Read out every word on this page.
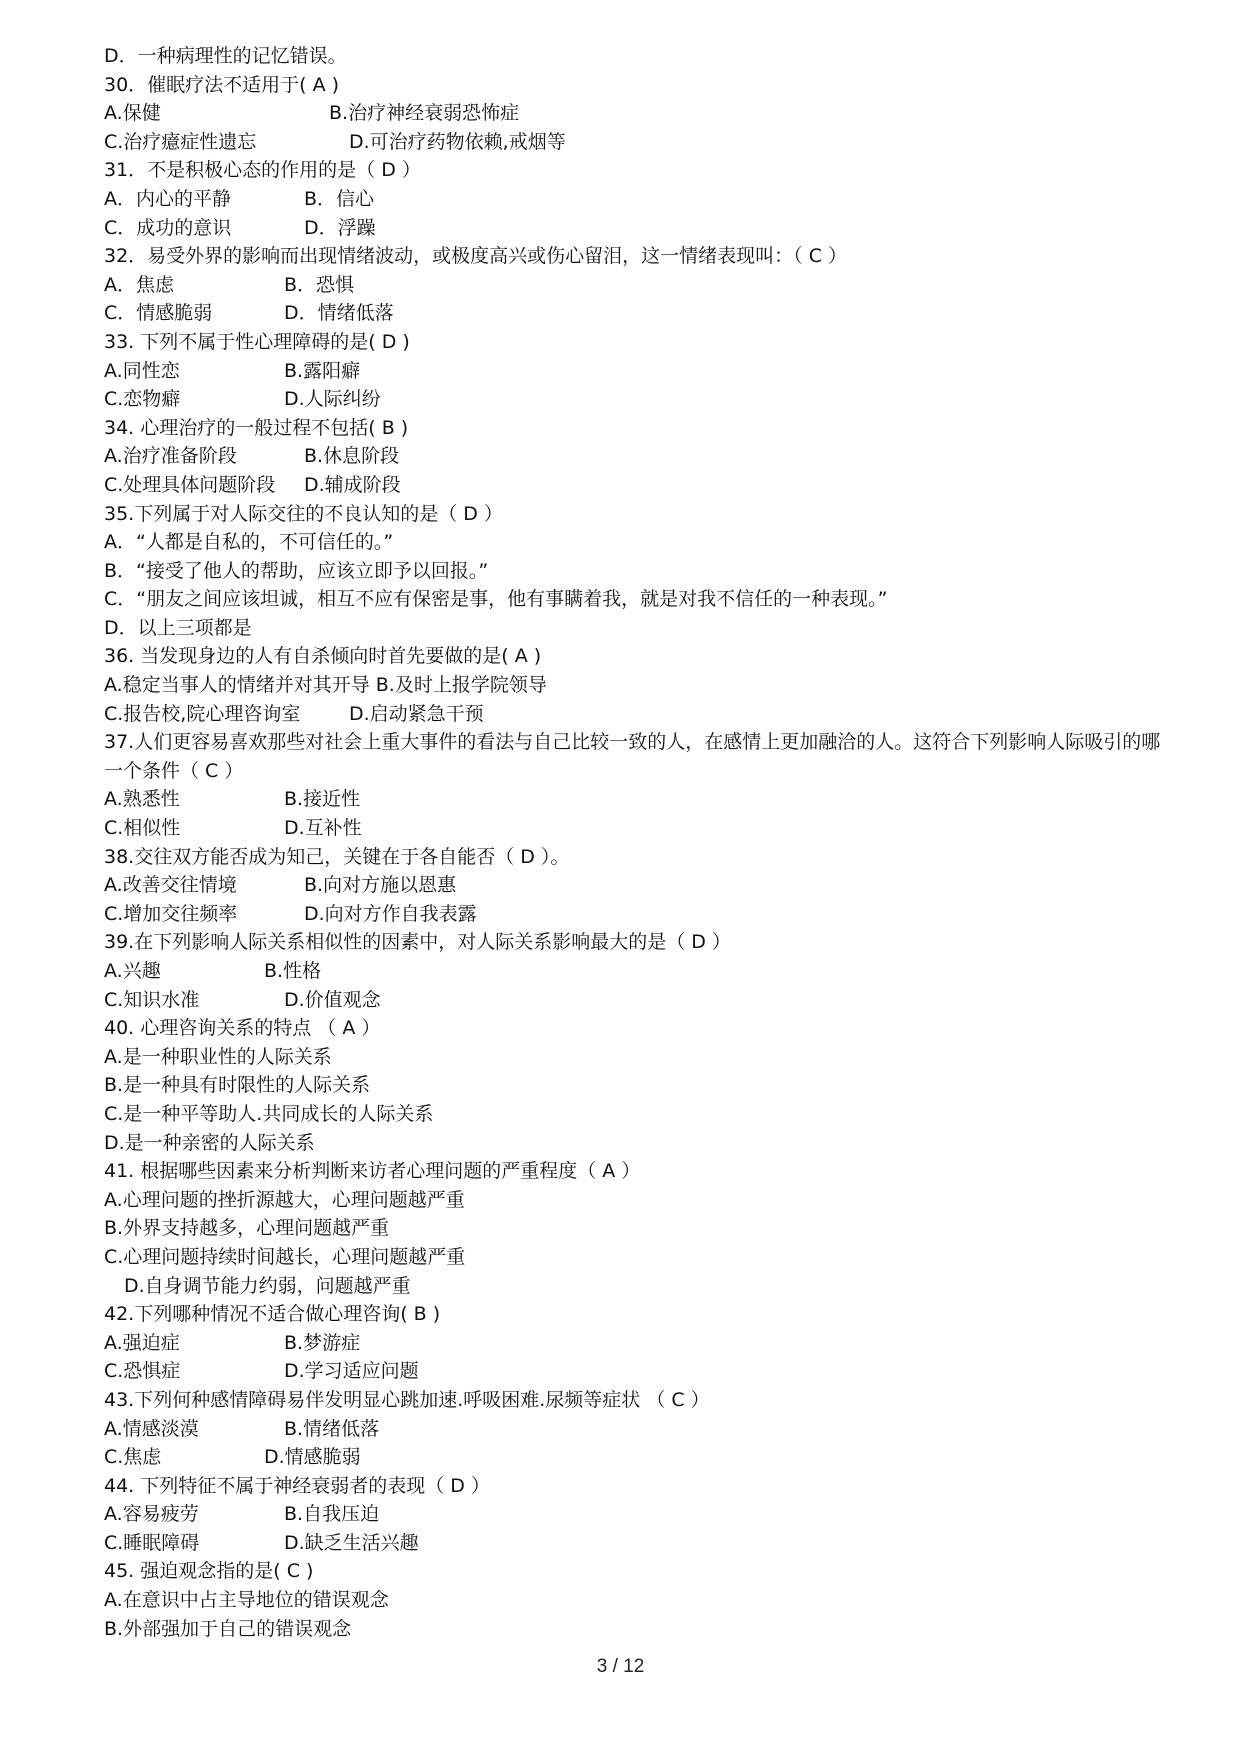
D．一种病理性的记忆错误。
30．催眠疗法不适用于( A )
A.保健	B.治疗神经衰弱恐怖症
C.治疗癔症性遗忘	D.可治疗药物依赖,戒烟等
31．不是积极心态的作用的是（ D ）
A．内心的平静	B．信心
C．成功的意识	D．浮躁
32．易受外界的影响而出现情绪波动，或极度高兴或伤心留泪，这一情绪表现叫：（ C ）
A．焦虑	B．恐惧
C．情感脆弱	D．情绪低落
33. 下列不属于性心理障碍的是( D )
A.同性恋	B.露阳癖
C.恋物癖	D.人际纠纷
34. 心理治疗的一般过程不包括( B )
A.治疗准备阶段	B.休息阶段
C.处理具体问题阶段	D.辅成阶段
35.下列属于对人际交往的不良认知的是（ D ）
A．“人都是自私的，不可信任的。”
B．“接受了他人的帮助，应该立即予以回报。”
C．“朋友之间应该坦诚，相互不应有保密是事，他有事瞒着我，就是对我不信任的一种表现。”
D．以上三项都是
36. 当发现身边的人有自杀倾向时首先要做的是( A )
A.稳定当事人的情绪并对其开导 B.及时上报学院领导
C.报告校,院心理咨询室	D.启动紧急干预
37.人们更容易喜欢那些对社会上重大事件的看法与自己比较一致的人，在感情上更加融洽的人。这符合下列影响人际吸引的哪一个条件（ C ）
A.熟悉性	B.接近性
C.相似性	D.互补性
38.交往双方能否成为知己，关键在于各自能否（ D ）。
A.改善交往情境	B.向对方施以恩惠
C.增加交往频率	D.向对方作自我表露
39.在下列影响人际关系相似性的因素中，对人际关系影响最大的是（ D ）
A.兴趣	B.性格
C.知识水准	D.价值观念
40. 心理咨询关系的特点 （ A ）
A.是一种职业性的人际关系
B.是一种具有时限性的人际关系
C.是一种平等助人.共同成长的人际关系
D.是一种亲密的人际关系
41. 根据哪些因素来分析判断来访者心理问题的严重程度（ A ）
A.心理问题的挫折源越大，心理问题越严重
B.外界支持越多，心理问题越严重
C.心理问题持续时间越长，心理问题越严重
D.自身调节能力约弱，问题越严重
42.下列哪种情况不适合做心理咨询( B )
A.强迫症	B.梦游症
C.恐惧症	D.学习适应问题
43.下列何种感情障碍易伴发明显心跳加速.呼吸困难.尿频等症状 （ C ）
A.情感淡漠	B.情绪低落
C.焦虑	D.情感脆弱
44. 下列特征不属于神经衰弱者的表现（ D ）
A.容易疲劳	B.自我压迫
C.睡眠障碍	D.缺乏生活兴趣
45. 强迫观念指的是( C )
A.在意识中占主导地位的错误观念
B.外部强加于自己的错误观念
3 / 12
